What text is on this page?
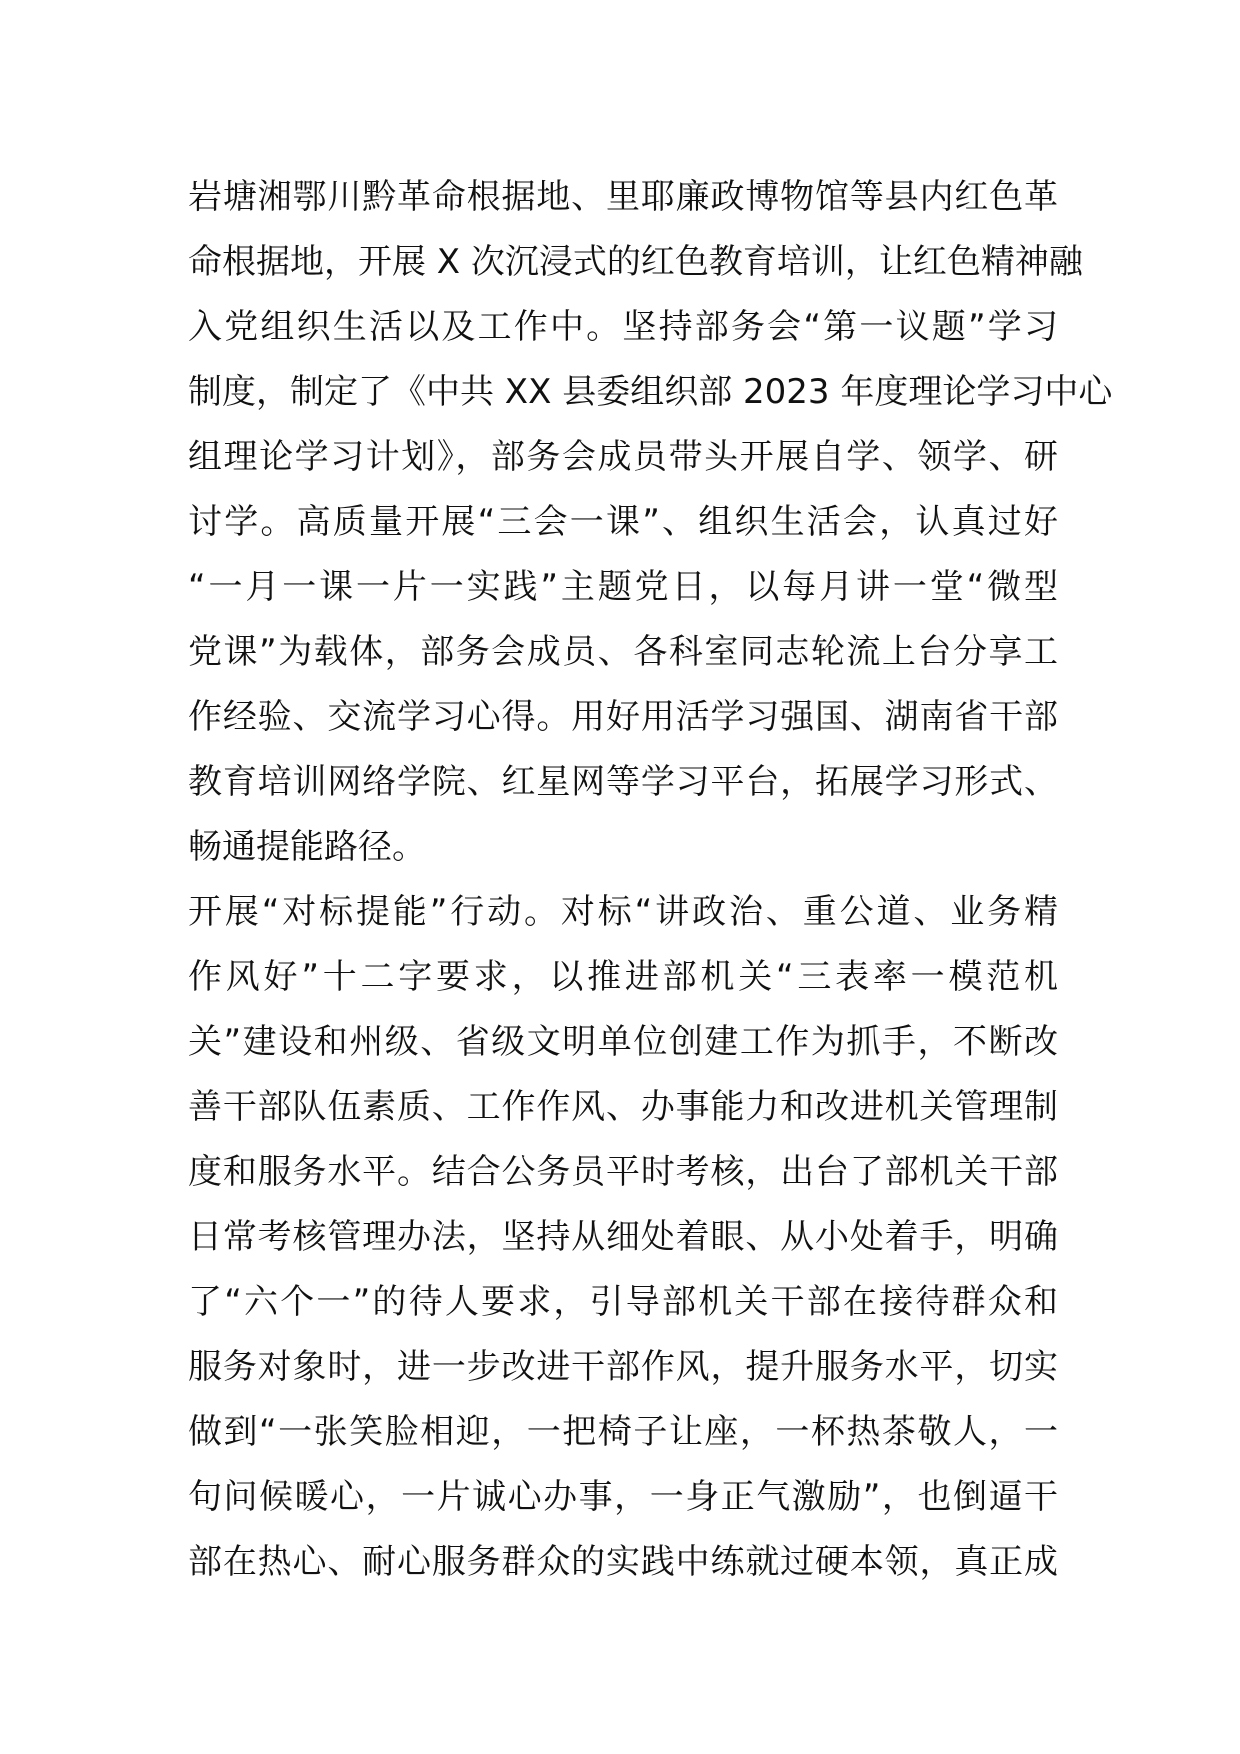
岩塘湘鄂川黔革命根据地、里耶廉政博物馆等县内红色革
命根据地，开展 X 次沉浸式的红色教育培训，让红色精神融
入党组织生活以及工作中。坚持部务会“第一议题”学习
制度，制定了《中共 XX 县委组织部 2023 年度理论学习中心
组理论学习计划》，部务会成员带头开展自学、领学、研
讨学。高质量开展“三会一课”、组织生活会，认真过好
“一月一课一片一实践”主题党日，以每月讲一堂“微型
党课”为载体，部务会成员、各科室同志轮流上台分享工
作经验、交流学习心得。用好用活学习强国、湖南省干部
教育培训网络学院、红星网等学习平台，拓展学习形式、
畅通提能路径。
开展“对标提能”行动。对标“讲政治、重公道、业务精
作风好”十二字要求，以推进部机关“三表率一模范机
关”建设和州级、省级文明单位创建工作为抓手，不断改
善干部队伍素质、工作作风、办事能力和改进机关管理制
度和服务水平。结合公务员平时考核，出台了部机关干部
日常考核管理办法，坚持从细处着眼、从小处着手，明确
了“六个一”的待人要求，引导部机关干部在接待群众和
服务对象时，进一步改进干部作风，提升服务水平，切实
做到“一张笑脸相迎，一把椅子让座，一杯热茶敬人，一
句问候暖心，一片诚心办事，一身正气激励”，也倒逼干
部在热心、耐心服务群众的实践中练就过硬本领，真正成
